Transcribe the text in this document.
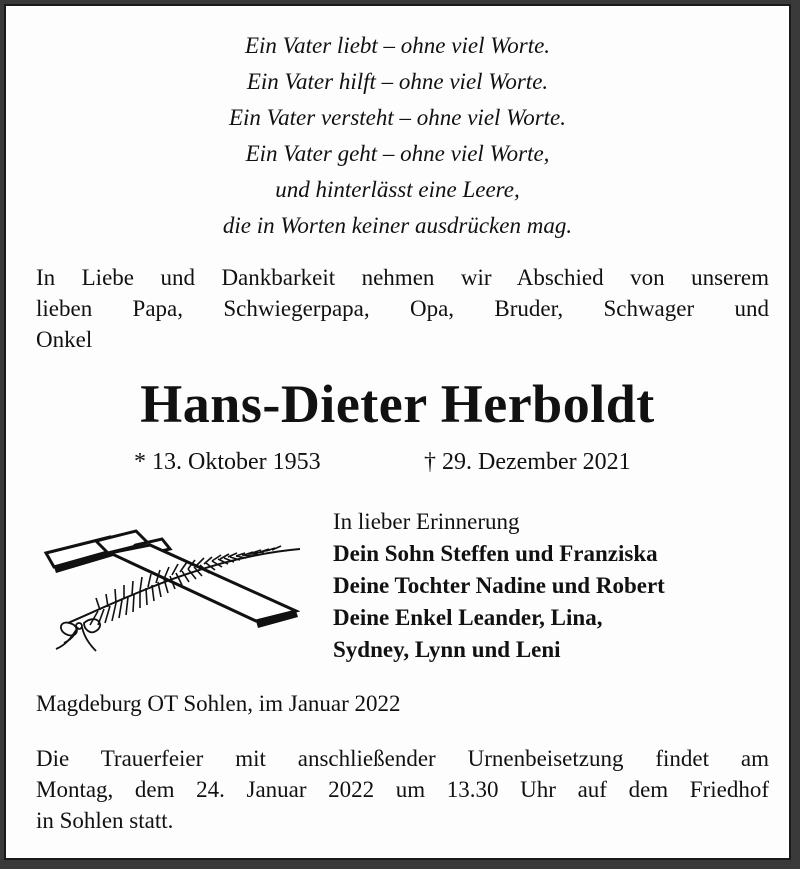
Ein Vater liebt – ohne viel Worte.
Ein Vater hilft – ohne viel Worte.
Ein Vater versteht – ohne viel Worte.
Ein Vater geht – ohne viel Worte,
und hinterlässt eine Leere,
die in Worten keiner ausdrücken mag.
In Liebe und Dankbarkeit nehmen wir Abschied von unserem
lieben Papa, Schwiegerpapa, Opa, Bruder, Schwager und
Onkel
Hans-Dieter Herboldt
* 13. Oktober 1953	† 29. Dezember 2021
In lieber Erinnerung
Dein Sohn Steffen und Franziska
Deine Tochter Nadine und Robert
Deine Enkel Leander, Lina,
Sydney, Lynn und Leni
Magdeburg OT Sohlen, im Januar 2022
Die Trauerfeier mit anschließender Urnenbeisetzung findet am
Montag, dem 24. Januar 2022 um 13.30 Uhr auf dem Friedhof
in Sohlen statt.
